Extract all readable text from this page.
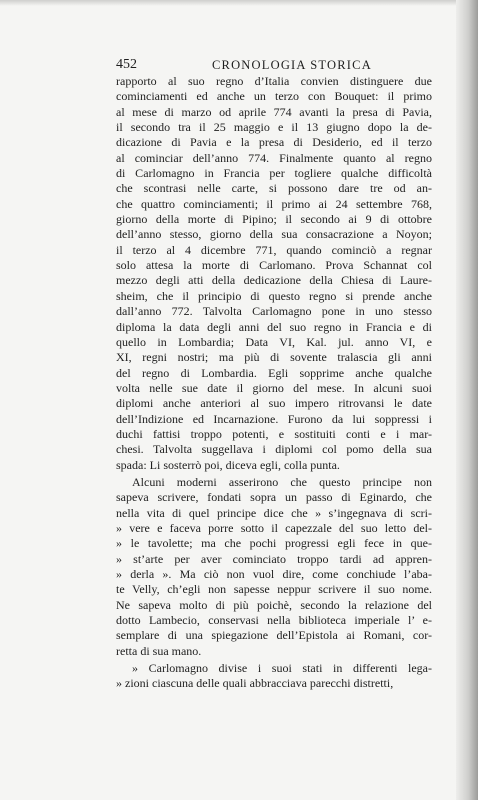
452	CRONOLOGIA STORICA
rapporto al suo regno d’Italia convien distinguere due
cominciamenti ed anche un terzo con Bouquet: il primo
al mese di marzo od aprile 774 avanti la presa di Pavia,
il secondo tra il 25 maggio e il 13 giugno dopo la de-
dicazione di Pavia e la presa di Desiderio, ed il terzo
al cominciar dell’anno 774. Finalmente quanto al regno
di Carlomagno in Francia per togliere qualche difficoltà
che scontrasi nelle carte, si possono dare tre od an-
che quattro cominciamenti; il primo ai 24 settembre 768,
giorno della morte di Pipino; il secondo ai 9 di ottobre
dell’anno stesso, giorno della sua consacrazione a Noyon;
il terzo al 4 dicembre 771, quando cominciò a regnar
solo attesa la morte di Carlomano. Prova Schannat col
mezzo degli atti della dedicazione della Chiesa di Laure-
sheim, che il principio di questo regno si prende anche
dall’anno 772. Talvolta Carlomagno pone in uno stesso
diploma la data degli anni del suo regno in Francia e di
quello in Lombardia; Data VI, Kal. jul. anno VI, e
XI, regni nostri; ma più di sovente tralascia gli anni
del regno di Lombardia. Egli sopprime anche qualche
volta nelle sue date il giorno del mese. In alcuni suoi
diplomi anche anteriori al suo impero ritrovansi le date
dell’Indizione ed Incarnazione. Furono da lui soppressi i
duchi fattisi troppo potenti, e sostituiti conti e i mar-
chesi. Talvolta suggellava i diplomi col pomo della sua
spada: Li sosterrò poi, diceva egli, colla punta.
Alcuni moderni asserirono che questo principe non
sapeva scrivere, fondati sopra un passo di Eginardo, che
nella vita di quel principe dice che » s’ingegnava di scri-
» vere e faceva porre sotto il capezzale del suo letto del-
» le tavolette; ma che pochi progressi egli fece in que-
» st’arte per aver cominciato troppo tardi ad appren-
» derla ». Ma ciò non vuol dire, come conchiude l’aba-
te Velly, ch’egli non sapesse neppur scrivere il suo nome.
Ne sapeva molto di più poichè, secondo la relazione del
dotto Lambecio, conservasi nella biblioteca imperiale l’ e-
semplare di una spiegazione dell’Epistola ai Romani, cor-
retta di sua mano.
» Carlomagno divise i suoi stati in differenti lega-
» zioni ciascuna delle quali abbracciava parecchi distretti,
